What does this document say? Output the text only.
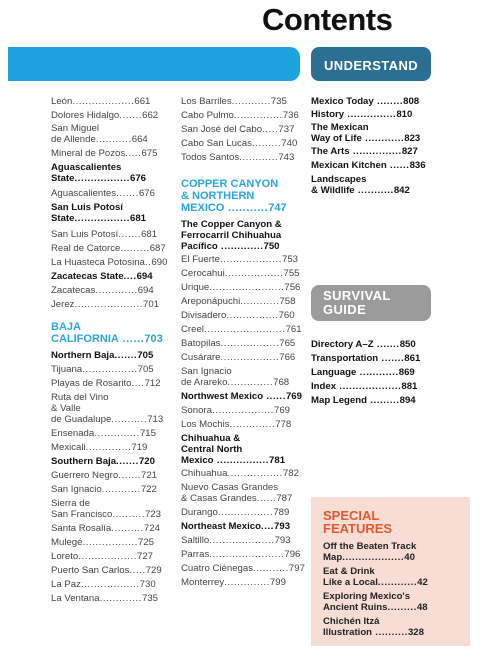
Contents
UNDERSTAND
SURVIVAL
GUIDE
León...................661
Dolores Hidalgo.......662
San Miguel
de Allende...........664
Mineral de Pozos.....675
Aguascalientes
State.................676
Aguascalientes.......676
San Luis Potosí
State.................681
San Luis Potosí.......681
Real de Catorce.........687
La Huasteca Potosina..690
Zacatecas State....694
Zacatecas.............694
Jerez.....................701
BAJA
CALIFORNIA ......703
Northern Baja.......705
Tijuana.................705
Playas de Rosarito....712
Ruta del Vino
& Valle
de Guadalupe...........713
Ensenada..............715
Mexicali..............719
Southern Baja.......720
Guerrero Negro.......721
San Ignacio............722
Sierra de
San Francisco..........723
Santa Rosalía..........724
Mulegé.................725
Loreto..................727
Puerto San Carlos.....729
La Paz..................730
La Ventana.............735
Los Barriles............735
Cabo Pulmo...............736
San José del Cabo.....737
Cabo San Lucas.........740
Todos Santos............743
COPPER CANYON
& NORTHERN
MEXICO ...........747
The Copper Canyon &
Ferrocarril Chihuahua
Pacífico .............750
El Fuerte...................753
Cerocahui..................755
Urique.......................756
Areponápuchi............758
Divisadero................760
Creel.........................761
Batopilas..................765
Cusárare..................766
San Ignacio
de Arareko..............768
Northwest Mexico ......769
Sonora...................769
Los Mochis..............778
Chihuahua &
Central North
Mexico ................781
Chihuahua.................782
Nuevo Casas Grandes
& Casas Grandes......787
Durango.................789
Northeast Mexico....793
Saltillo....................793
Parras.......................796
Cuatro Ciénegas...........797
Monterrey..............799
Mexico Today ........808
History ...............810
The Mexican
Way of Life ............823
The Arts ...............827
Mexican Kitchen ......836
Landscapes
& Wildlife ...........842
Directory A–Z .......850
Transportation .......861
Language ............869
Index ...................881
Map Legend .........894
SPECIAL
FEATURES
Off the Beaten Track
Map...................40
Eat & Drink
Like a Local............42
Exploring Mexico's
Ancient Ruins.........48
Chichén Itzá
Illustration ..........328
